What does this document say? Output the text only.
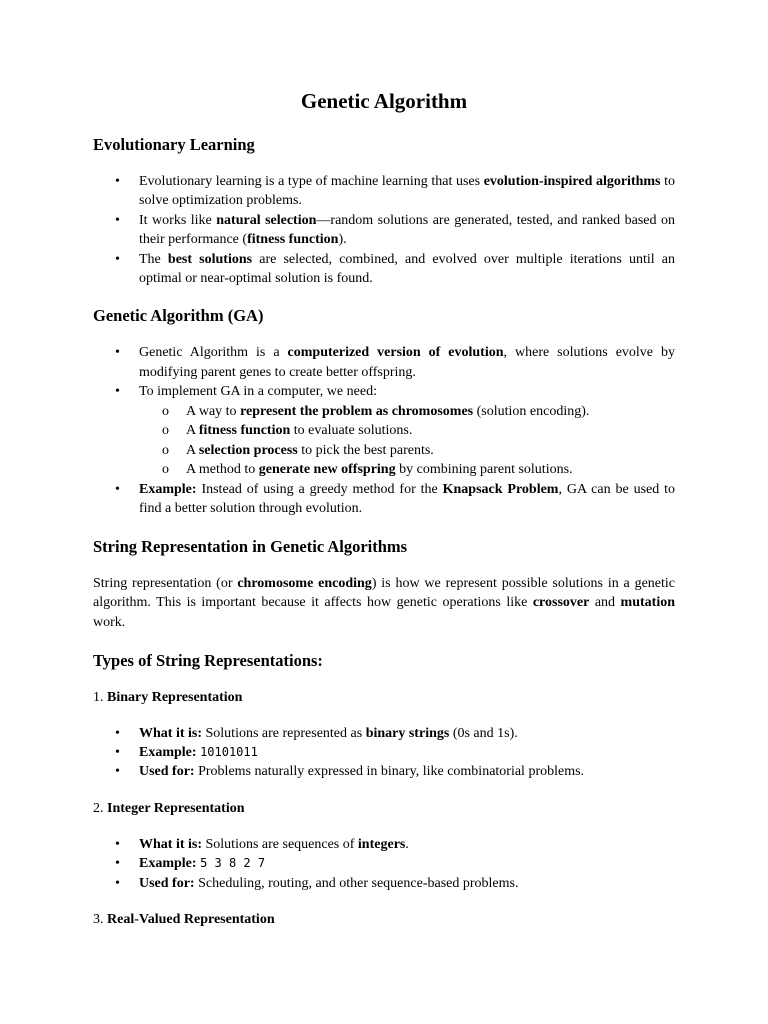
Genetic Algorithm
Evolutionary Learning
• Evolutionary learning is a type of machine learning that uses evolution-inspired algorithms to solve optimization problems.
• It works like natural selection—random solutions are generated, tested, and ranked based on their performance (fitness function).
• The best solutions are selected, combined, and evolved over multiple iterations until an optimal or near-optimal solution is found.
Genetic Algorithm (GA)
• Genetic Algorithm is a computerized version of evolution, where solutions evolve by modifying parent genes to create better offspring.
• To implement GA in a computer, we need:
o A way to represent the problem as chromosomes (solution encoding).
o A fitness function to evaluate solutions.
o A selection process to pick the best parents.
o A method to generate new offspring by combining parent solutions.
• Example: Instead of using a greedy method for the Knapsack Problem, GA can be used to find a better solution through evolution.
String Representation in Genetic Algorithms

String representation (or chromosome encoding) is how we represent possible solutions in a genetic algorithm. This is important because it affects how genetic operations like crossover and mutation work.

Types of String Representations:
1. Binary Representation
• What it is: Solutions are represented as binary strings (0s and 1s).
• Example: 10101011
• Used for: Problems naturally expressed in binary, like combinatorial problems.
2. Integer Representation
• What it is: Solutions are sequences of integers.
• Example: 5 3 8 2 7
• Used for: Scheduling, routing, and other sequence-based problems.
3. Real-Valued Representation
